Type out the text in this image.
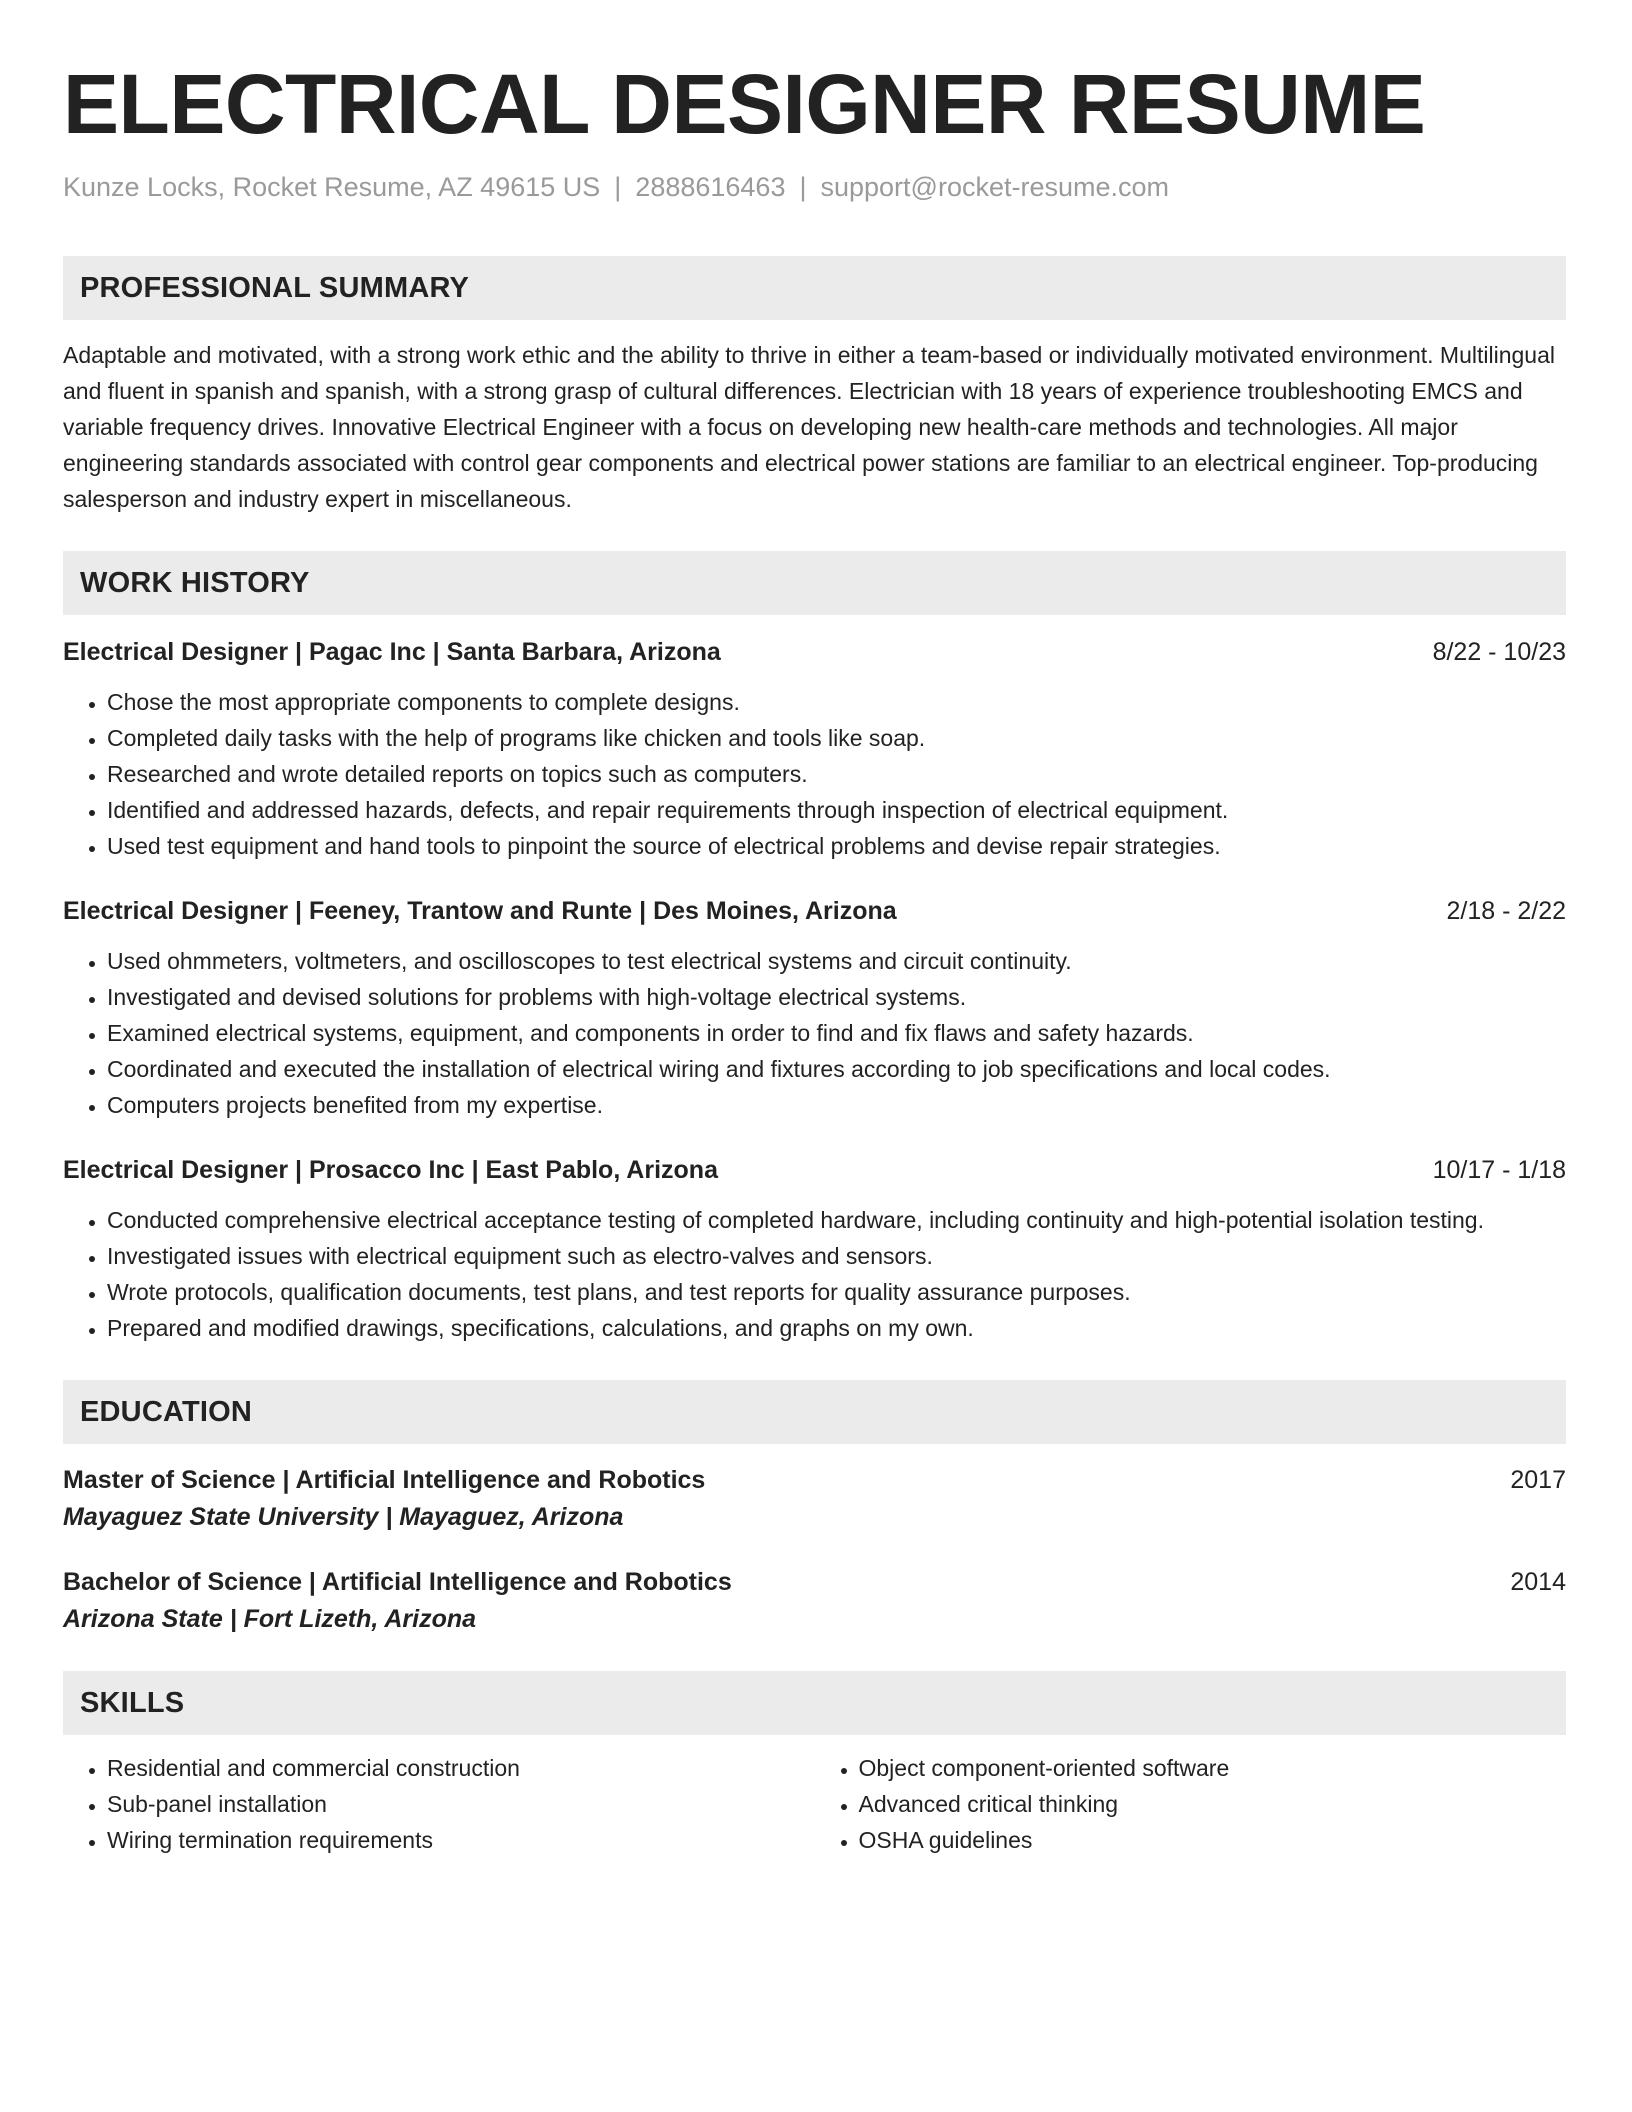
ELECTRICAL DESIGNER RESUME
Kunze Locks, Rocket Resume, AZ 49615 US | 2888616463 | support@rocket-resume.com
PROFESSIONAL SUMMARY
Adaptable and motivated, with a strong work ethic and the ability to thrive in either a team-based or individually motivated environment. Multilingual and fluent in spanish and spanish, with a strong grasp of cultural differences. Electrician with 18 years of experience troubleshooting EMCS and variable frequency drives. Innovative Electrical Engineer with a focus on developing new health-care methods and technologies. All major engineering standards associated with control gear components and electrical power stations are familiar to an electrical engineer. Top-producing salesperson and industry expert in miscellaneous.
WORK HISTORY
Electrical Designer | Pagac Inc | Santa Barbara, Arizona	8/22 - 10/23
• Chose the most appropriate components to complete designs.
• Completed daily tasks with the help of programs like chicken and tools like soap.
• Researched and wrote detailed reports on topics such as computers.
• Identified and addressed hazards, defects, and repair requirements through inspection of electrical equipment.
• Used test equipment and hand tools to pinpoint the source of electrical problems and devise repair strategies.
Electrical Designer | Feeney, Trantow and Runte | Des Moines, Arizona	2/18 - 2/22
• Used ohmmeters, voltmeters, and oscilloscopes to test electrical systems and circuit continuity.
• Investigated and devised solutions for problems with high-voltage electrical systems.
• Examined electrical systems, equipment, and components in order to find and fix flaws and safety hazards.
• Coordinated and executed the installation of electrical wiring and fixtures according to job specifications and local codes.
• Computers projects benefited from my expertise.
Electrical Designer | Prosacco Inc | East Pablo, Arizona	10/17 - 1/18
• Conducted comprehensive electrical acceptance testing of completed hardware, including continuity and high-potential isolation testing.
• Investigated issues with electrical equipment such as electro-valves and sensors.
• Wrote protocols, qualification documents, test plans, and test reports for quality assurance purposes.
• Prepared and modified drawings, specifications, calculations, and graphs on my own.
EDUCATION
Master of Science | Artificial Intelligence and Robotics	2017
Mayaguez State University | Mayaguez, Arizona
Bachelor of Science | Artificial Intelligence and Robotics	2014
Arizona State | Fort Lizeth, Arizona
SKILLS
• Residential and commercial construction
• Sub-panel installation
• Wiring termination requirements
• Object component-oriented software
• Advanced critical thinking
• OSHA guidelines
